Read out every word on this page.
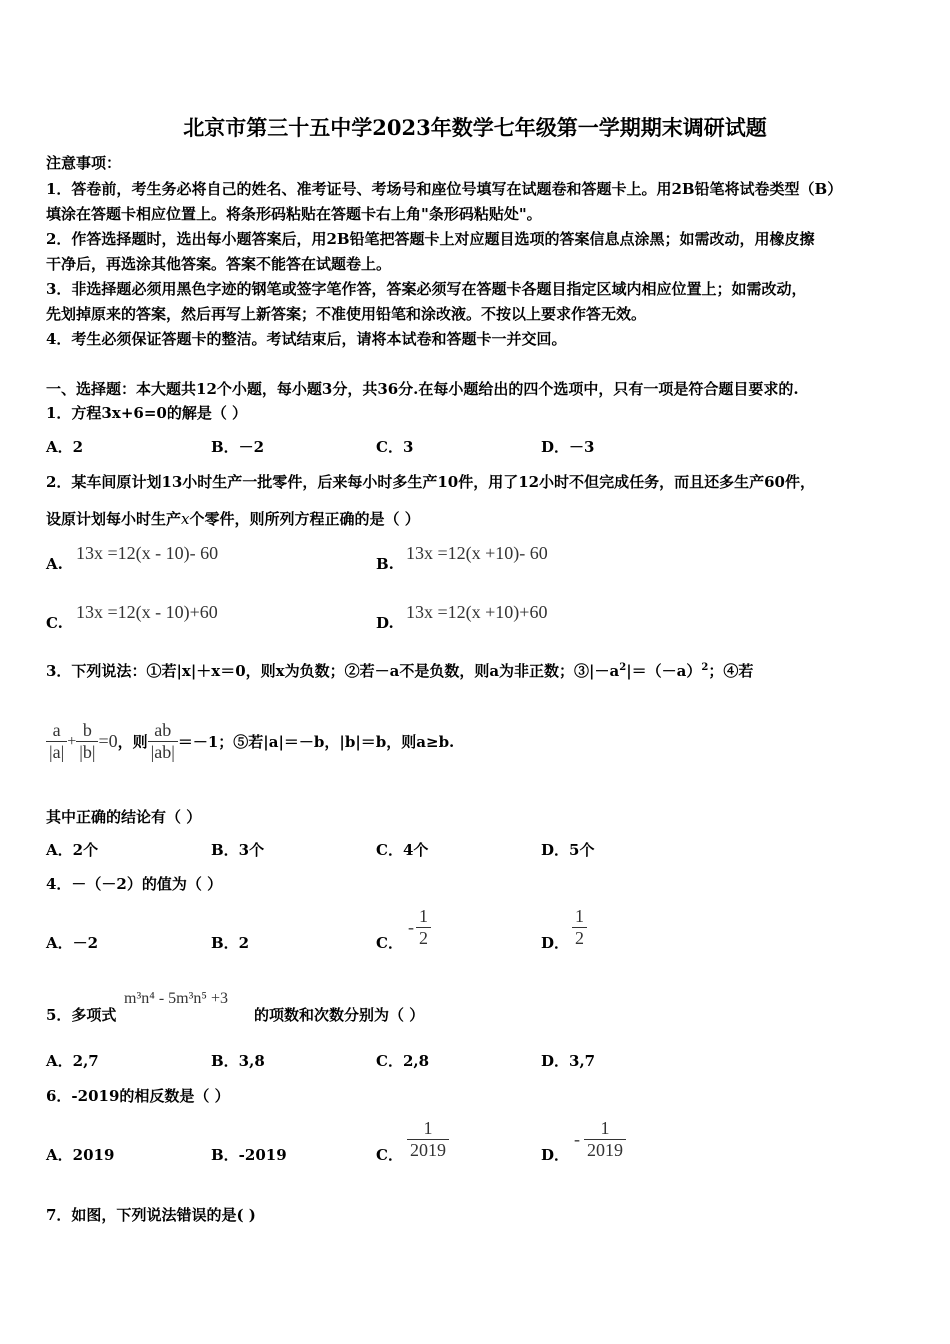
北京市第三十五中学2023年数学七年级第一学期期末调研试题
注意事项：
1．答卷前，考生务必将自己的姓名、准考证号、考场号和座位号填写在试题卷和答题卡上。用2B铅笔将试卷类型（B）
填涂在答题卡相应位置上。将条形码粘贴在答题卡右上角"条形码粘贴处"。
2．作答选择题时，选出每小题答案后，用2B铅笔把答题卡上对应题目选项的答案信息点涂黑；如需改动，用橡皮擦
干净后，再选涂其他答案。答案不能答在试题卷上。
3．非选择题必须用黑色字迹的钢笔或签字笔作答，答案必须写在答题卡各题目指定区域内相应位置上；如需改动，
先划掉原来的答案，然后再写上新答案；不准使用铅笔和涂改液。不按以上要求作答无效。
4．考生必须保证答题卡的整洁。考试结束后，请将本试卷和答题卡一并交回。
一、选择题：本大题共12个小题，每小题3分，共36分.在每小题给出的四个选项中，只有一项是符合题目要求的.
1．方程3x+6=0的解是（ ）
A．2	B．－2	C．3	D．－3
2．某车间原计划13小时生产一批零件，后来每小时多生产10件，用了12小时不但完成任务，而且还多生产60件，
设原计划每小时生产x个零件，则所列方程正确的是（ ）
A.
13x =12(x - 10)- 60
B.
13x =12(x +10)- 60
C.
13x =12(x - 10)+60
D.
13x =12(x +10)+60
3．下列说法：①若|x|＋x＝0，则x为负数；②若－a不是负数，则a为非正数；$③|-a^2|=(-a)^2$；④若
$\frac{a}{|a|} + \frac{b}{|b|} =0$ ，则 $\frac{ab}{|ab|} =-1$；⑤若|a|＝－b，|b|＝b，则a≥b.
其中正确的结论有（ ）
A．2个	B．3个	C．4个	D．5个
4．－（－2）的值为（ ）
A．－2	B．2	C．
- $\frac{1}{2}$	D． $\frac{1}{2}$
5．多项式
m³n⁴ - 5m³n⁵ +3
的项数和次数分别为（ ）
A．2,7	B．3,8	C．2,8	D．3,7
6．-2019的相反数是（ ）
A．2019	B．-2019	C． $\frac{1}{2019}$	D．
- $\frac{1}{2019}$
7．如图，下列说法错误的是( )
